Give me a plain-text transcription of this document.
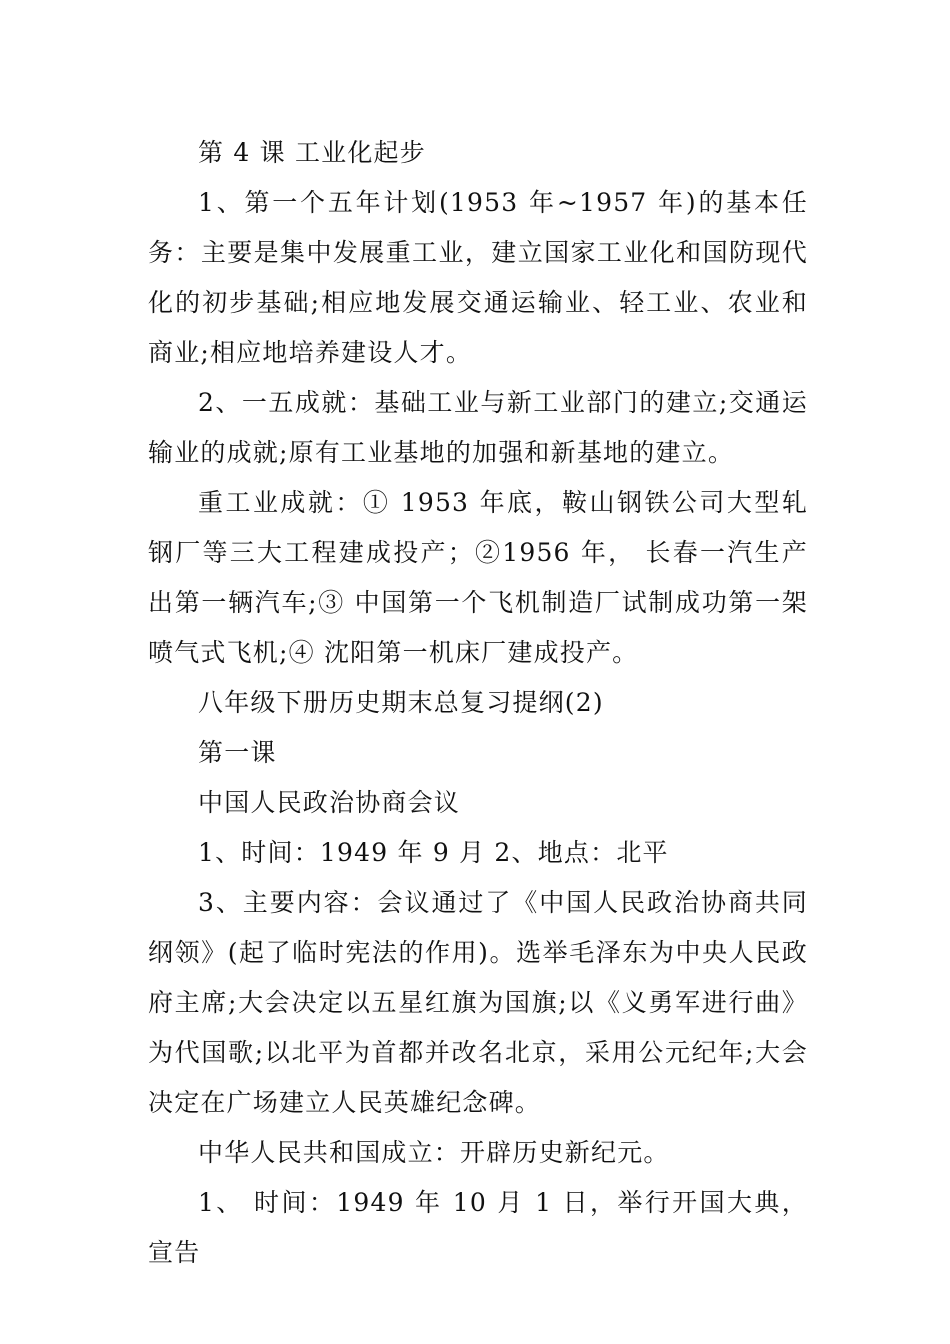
第 4 课 工业化起步

1、第一个五年计划(1953 年~1957 年)的基本任务：主要是集中发展重工业，建立国家工业化和国防现代化的初步基础;相应地发展交通运输业、轻工业、农业和商业;相应地培养建设人才。

2、一五成就：基础工业与新工业部门的建立;交通运输业的成就;原有工业基地的加强和新基地的建立。

重工业成就：① 1953 年底，鞍山钢铁公司大型轧钢厂等三大工程建成投产；②1956 年， 长春一汽生产出第一辆汽车;③ 中国第一个飞机制造厂试制成功第一架喷气式飞机;④ 沈阳第一机床厂建成投产。

八年级下册历史期末总复习提纲(2)

第一课

中国人民政治协商会议

1、时间：1949 年 9 月 2、地点：北平

3、主要内容：会议通过了《中国人民政治协商共同纲领》(起了临时宪法的作用)。选举毛泽东为中央人民政府主席;大会决定以五星红旗为国旗;以《义勇军进行曲》为代国歌;以北平为首都并改名北京，采用公元纪年;大会决定在广场建立人民英雄纪念碑。

中华人民共和国成立：开辟历史新纪元。

1、 时间：1949 年 10 月 1 日，举行开国大典，宣告
